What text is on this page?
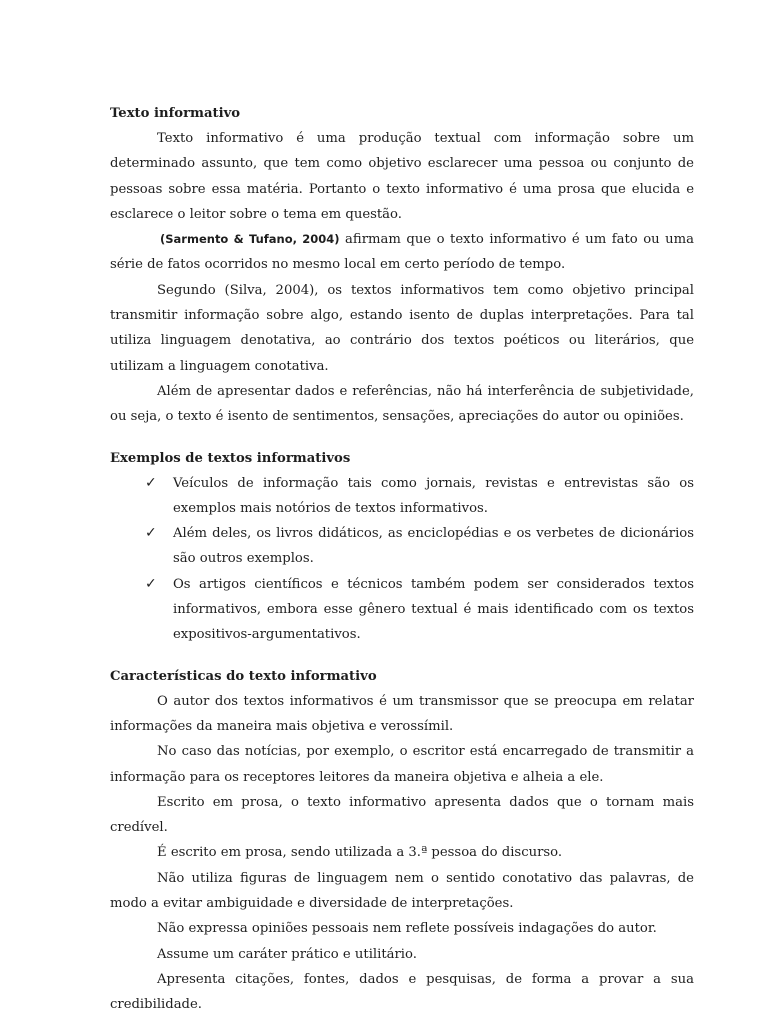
Texto informativo

Texto informativo é uma produção textual com informação sobre um determinado assunto, que tem como objetivo esclarecer uma pessoa ou conjunto de pessoas sobre essa matéria. Portanto o texto informativo é uma prosa que elucida e esclarece o leitor sobre o tema em questão.

(Sarmento & Tufano, 2004) afirmam que o texto informativo é um fato ou uma série de fatos ocorridos no mesmo local em certo período de tempo.

Segundo (Silva, 2004), os textos informativos tem como objetivo principal transmitir informação sobre algo, estando isento de duplas interpretações. Para tal utiliza linguagem denotativa, ao contrário dos textos poéticos ou literários, que utilizam a linguagem conotativa.

Além de apresentar dados e referências, não há interferência de subjetividade, ou seja, o texto é isento de sentimentos, sensações, apreciações do autor ou opiniões.

Exemplos de textos informativos
✓ Veículos de informação tais como jornais, revistas e entrevistas são os exemplos mais notórios de textos informativos.
✓ Além deles, os livros didáticos, as enciclopédias e os verbetes de dicionários são outros exemplos.
✓ Os artigos científicos e técnicos também podem ser considerados textos informativos, embora esse gênero textual é mais identificado com os textos expositivos-argumentativos.
Características do texto informativo

O autor dos textos informativos é um transmissor que se preocupa em relatar informações da maneira mais objetiva e verossímil.

No caso das notícias, por exemplo, o escritor está encarregado de transmitir a informação para os receptores leitores da maneira objetiva e alheia a ele.

Escrito em prosa, o texto informativo apresenta dados que o tornam mais credível.

É escrito em prosa, sendo utilizada a 3.ª pessoa do discurso.

Não utiliza figuras de linguagem nem o sentido conotativo das palavras, de modo a evitar ambiguidade e diversidade de interpretações.

Não expressa opiniões pessoais nem reflete possíveis indagações do autor.

Assume um caráter prático e utilitário.

Apresenta citações, fontes, dados e pesquisas, de forma a provar a sua credibilidade.
